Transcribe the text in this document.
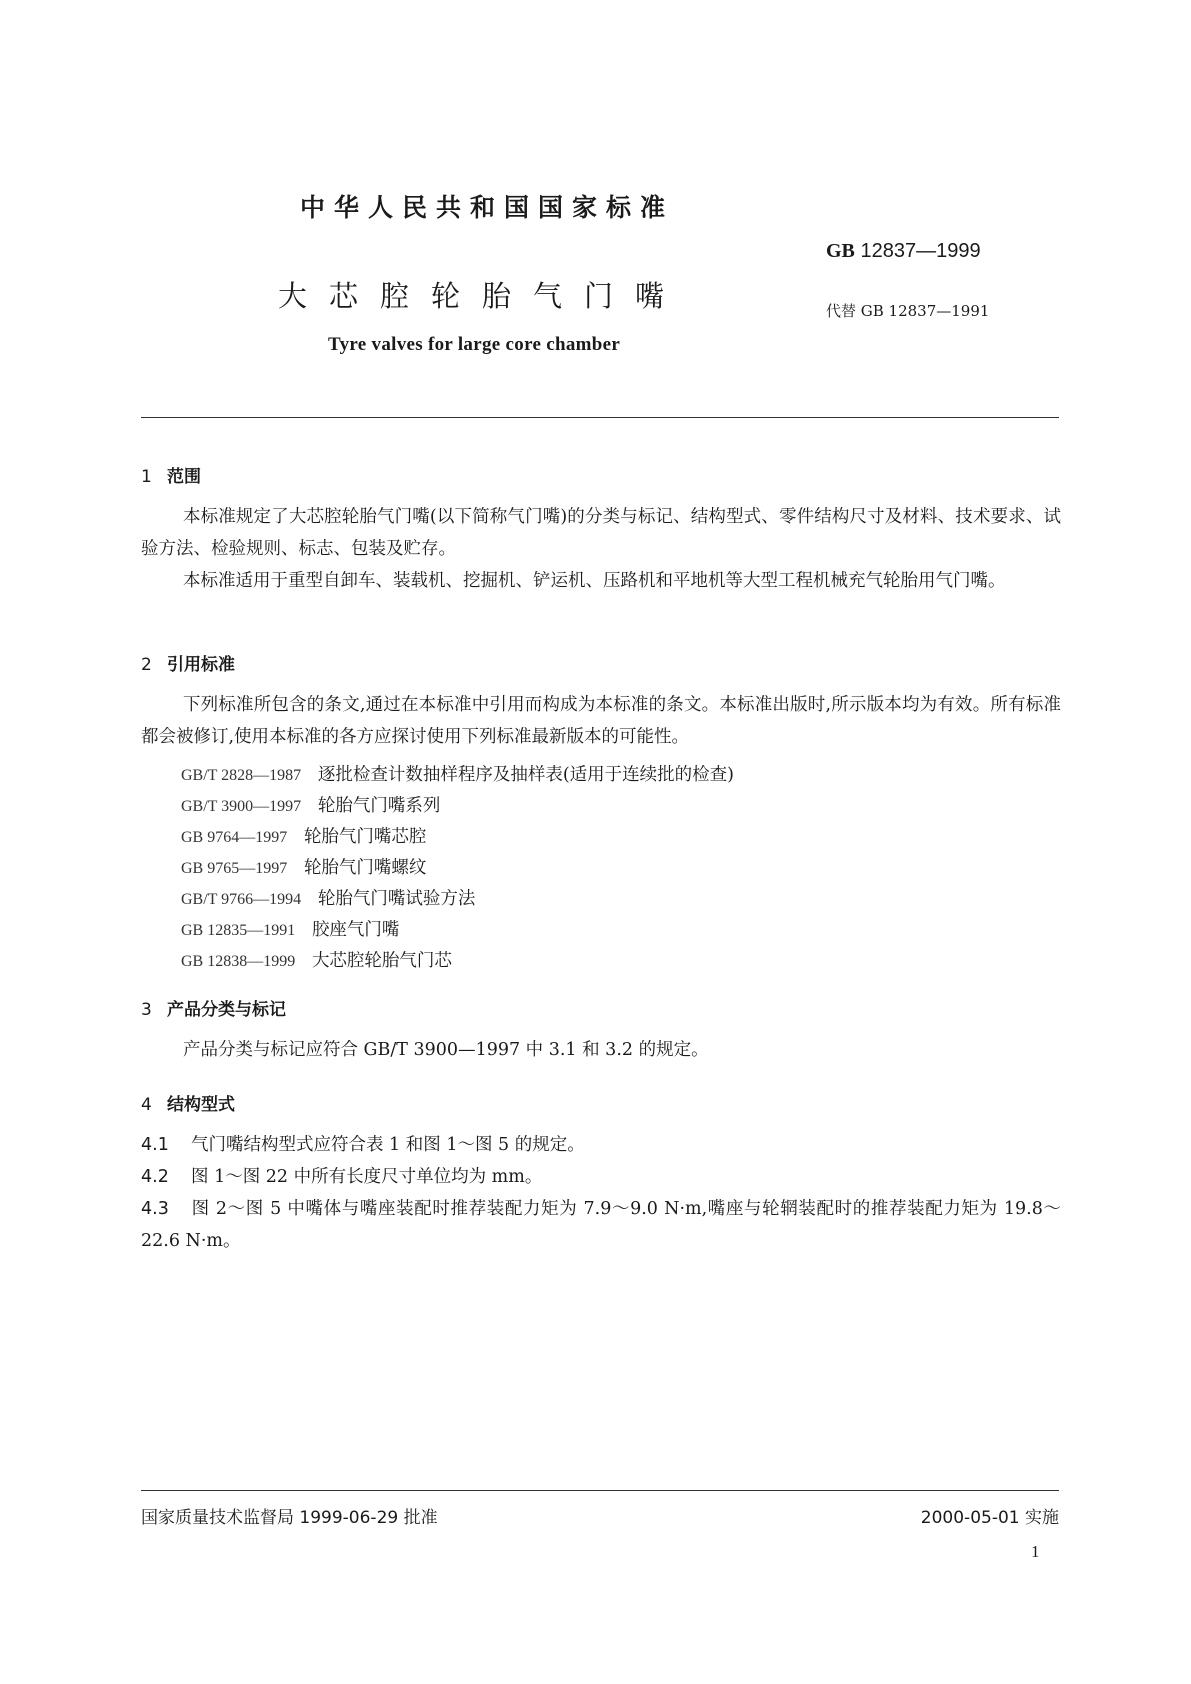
中华人民共和国国家标准
GB 12837—1999
大芯腔轮胎气门嘴	代替 GB 12837—1991
Tyre valves for large core chamber
1 范围
本标准规定了大芯腔轮胎气门嘴(以下简称气门嘴)的分类与标记、结构型式、零件结构尺寸及材料、技术要求、试验方法、检验规则、标志、包装及贮存。
本标准适用于重型自卸车、装载机、挖掘机、铲运机、压路机和平地机等大型工程机械充气轮胎用气门嘴。
2 引用标准
下列标准所包含的条文,通过在本标准中引用而构成为本标准的条文。本标准出版时,所示版本均为有效。所有标准都会被修订,使用本标准的各方应探讨使用下列标准最新版本的可能性。
GB/T 2828—1987 逐批检查计数抽样程序及抽样表(适用于连续批的检查)
GB/T 3900—1997 轮胎气门嘴系列
GB 9764—1997 轮胎气门嘴芯腔
GB 9765—1997 轮胎气门嘴螺纹
GB/T 9766—1994 轮胎气门嘴试验方法
GB 12835—1991 胶座气门嘴
GB 12838—1999 大芯腔轮胎气门芯
3 产品分类与标记
产品分类与标记应符合 GB/T 3900—1997 中 3.1 和 3.2 的规定。
4 结构型式
4.1 气门嘴结构型式应符合表 1 和图 1～图 5 的规定。
4.2 图 1～图 22 中所有长度尺寸单位均为 mm。
4.3 图 2～图 5 中嘴体与嘴座装配时推荐装配力矩为 7.9～9.0 N·m,嘴座与轮辋装配时的推荐装配力矩为 19.8～22.6 N·m。
国家质量技术监督局 1999-06-29 批准	2000-05-01 实施
1
